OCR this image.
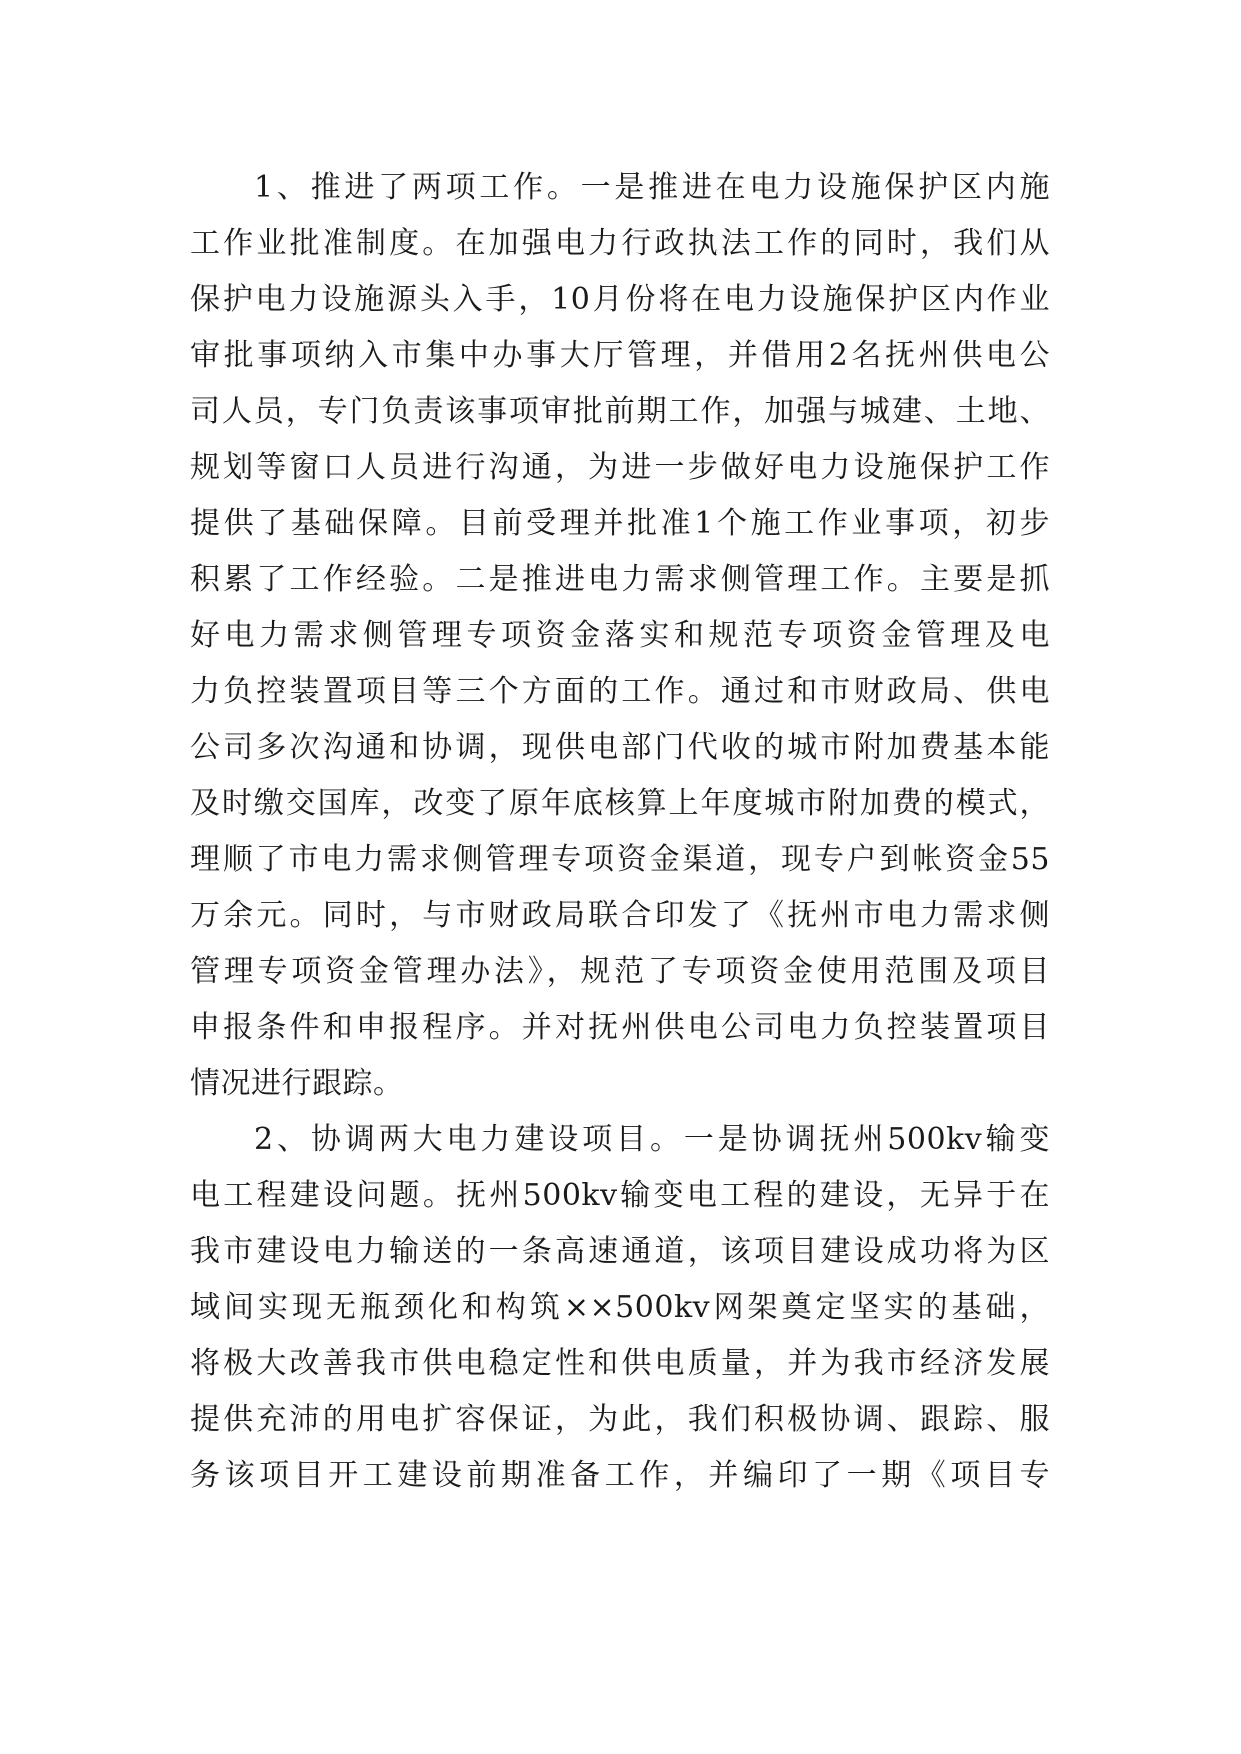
1、推进了两项工作。一是推进在电力设施保护区内施
工作业批准制度。在加强电力行政执法工作的同时，我们从
保护电力设施源头入手，10月份将在电力设施保护区内作业
审批事项纳入市集中办事大厅管理，并借用2名抚州供电公
司人员，专门负责该事项审批前期工作，加强与城建、土地、
规划等窗口人员进行沟通，为进一步做好电力设施保护工作
提供了基础保障。目前受理并批准1个施工作业事项，初步
积累了工作经验。二是推进电力需求侧管理工作。主要是抓
好电力需求侧管理专项资金落实和规范专项资金管理及电
力负控装置项目等三个方面的工作。通过和市财政局、供电
公司多次沟通和协调，现供电部门代收的城市附加费基本能
及时缴交国库，改变了原年底核算上年度城市附加费的模式，
理顺了市电力需求侧管理专项资金渠道，现专户到帐资金55
万余元。同时，与市财政局联合印发了《抚州市电力需求侧
管理专项资金管理办法》，规范了专项资金使用范围及项目
申报条件和申报程序。并对抚州供电公司电力负控装置项目
情况进行跟踪。
2、协调两大电力建设项目。一是协调抚州500kv输变
电工程建设问题。抚州500kv输变电工程的建设，无异于在
我市建设电力输送的一条高速通道，该项目建设成功将为区
域间实现无瓶颈化和构筑××500kv网架奠定坚实的基础，
将极大改善我市供电稳定性和供电质量，并为我市经济发展
提供充沛的用电扩容保证，为此，我们积极协调、跟踪、服
务该项目开工建设前期准备工作，并编印了一期《项目专
